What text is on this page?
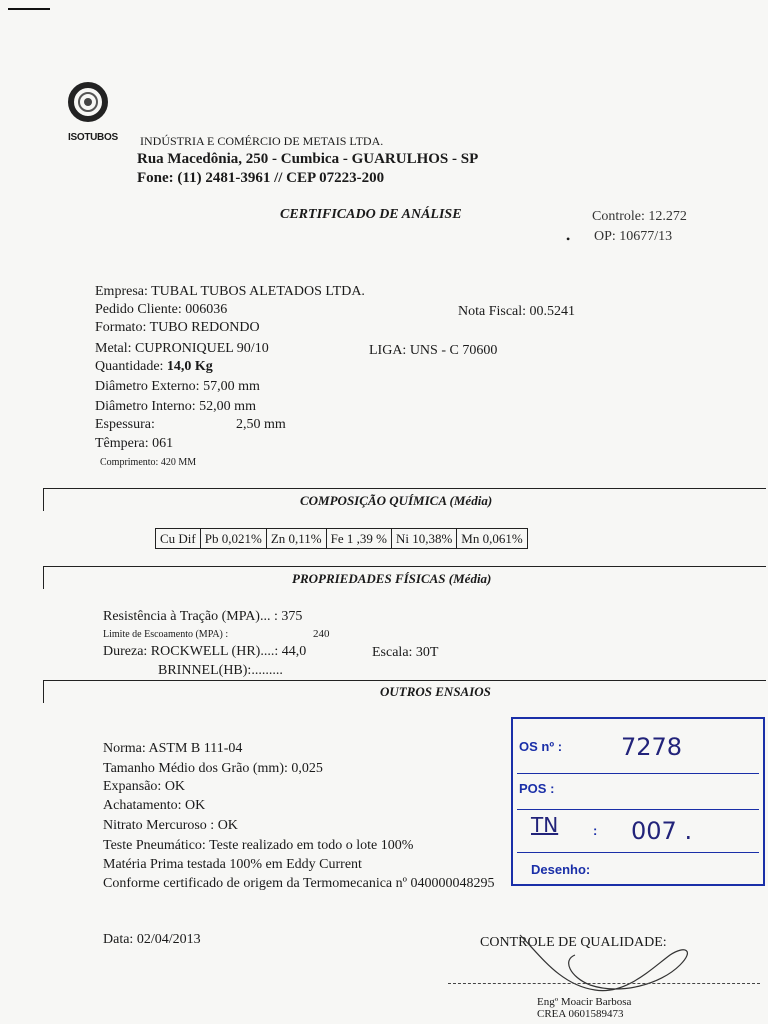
ISOTUBOS INDÚSTRIA E COMÉRCIO DE METAIS LTDA.
Rua Macedônia, 250 - Cumbica - GUARULHOS - SP
Fone: (11) 2481-3961 // CEP 07223-200
CERTIFICADO DE ANÁLISE	Controle: 12.272
• OP: 10677/13
Empresa: TUBAL TUBOS ALETADOS LTDA.
Pedido Cliente: 006036	Nota Fiscal: 00.5241
Formato: TUBO REDONDO
Metal: CUPRONIQUEL 90/10	LIGA: UNS - C 70600
Quantidade: 14,0 Kg
Diâmetro Externo: 57,00 mm
Diâmetro Interno: 52,00 mm
Espessura:	2,50 mm
Têmpera: 061
Comprimento: 420 MM
COMPOSIÇÃO QUÍMICA (Média)
Cu Dif	Pb 0,021%	Zn 0,11%	Fe 1 ,39 %	Ni 10,38%	Mn 0,061%
PROPRIEDADES FÍSICAS (Média)
Resistência à Tração (MPA)... : 375
Limite de Escoamento (MPA) :	240
Dureza: ROCKWELL (HR)....: 44,0	Escala: 30T
BRINNEL(HB):.........
OUTROS ENSAIOS
Norma: ASTM B 111-04
Tamanho Médio dos Grão (mm): 0,025
Expansão: OK
Achatamento: OK
Nitrato Mercuroso : OK
Teste Pneumático: Teste realizado em todo o lote 100%
Matéria Prima testada 100% em Eddy Current
Conforme certificado de origem da Termomecanica nº 040000048295
OS nº : 7278
POS :
TN	: 007 .
Desenho:
Data: 02/04/2013	CONTROLE DE QUALIDADE:
Engº Moacir Barbosa
CREA 0601589473
